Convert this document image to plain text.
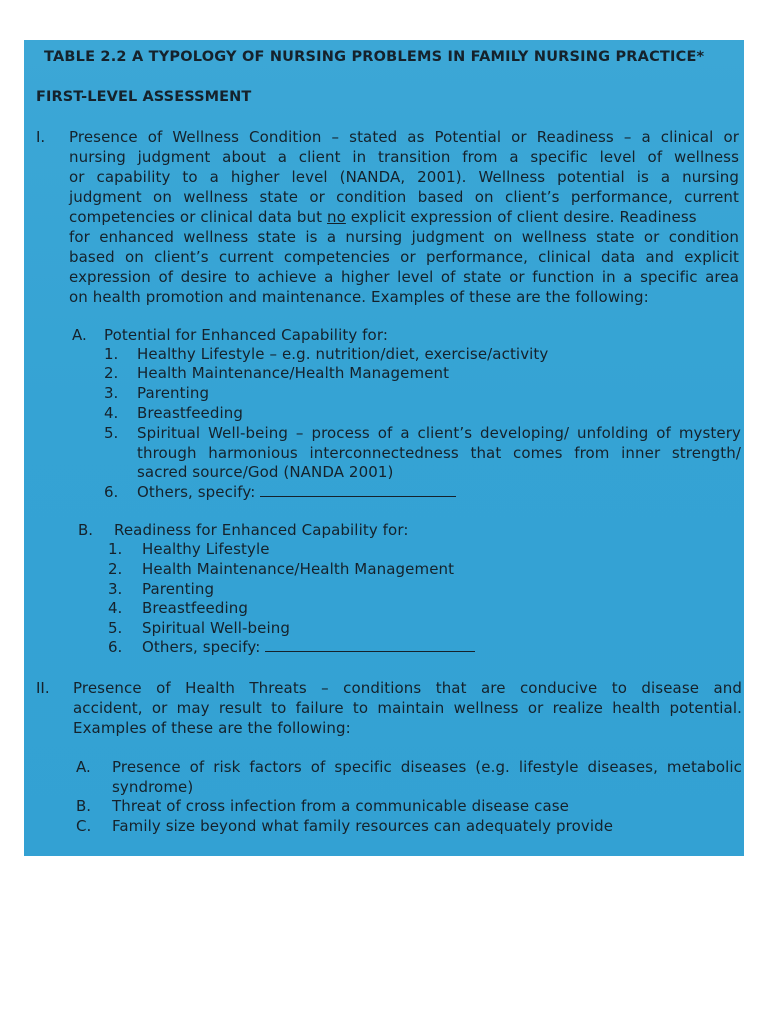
TABLE 2.2 A TYPOLOGY OF NURSING PROBLEMS IN FAMILY NURSING PRACTICE*
FIRST-LEVEL ASSESSMENT
I. Presence of Wellness Condition – stated as Potential or Readiness – a clinical or
nursing judgment about a client in transition from a specific level of wellness
or capability to a higher level (NANDA, 2001). Wellness potential is a nursing
judgment on wellness state or condition based on client’s performance, current
competencies or clinical data but no explicit expression of client desire. Readiness
for enhanced wellness state is a nursing judgment on wellness state or condition
based on client’s current competencies or performance, clinical data and explicit
expression of desire to achieve a higher level of state or function in a specific area
on health promotion and maintenance. Examples of these are the following:
A. Potential for Enhanced Capability for:
1. Healthy Lifestyle – e.g. nutrition/diet, exercise/activity
2. Health Maintenance/Health Management
3. Parenting
4. Breastfeeding
5. Spiritual Well-being – process of a client’s developing/ unfolding of mystery
through harmonious interconnectedness that comes from inner strength/
sacred source/God (NANDA 2001)
6. Others, specify:
B. Readiness for Enhanced Capability for:
1. Healthy Lifestyle
2. Health Maintenance/Health Management
3. Parenting
4. Breastfeeding
5. Spiritual Well-being
6. Others, specify:
II. Presence of Health Threats – conditions that are conducive to disease and
accident, or may result to failure to maintain wellness or realize health potential.
Examples of these are the following:
A. Presence of risk factors of specific diseases (e.g. lifestyle diseases, metabolic
syndrome)
B. Threat of cross infection from a communicable disease case
C. Family size beyond what family resources can adequately provide
